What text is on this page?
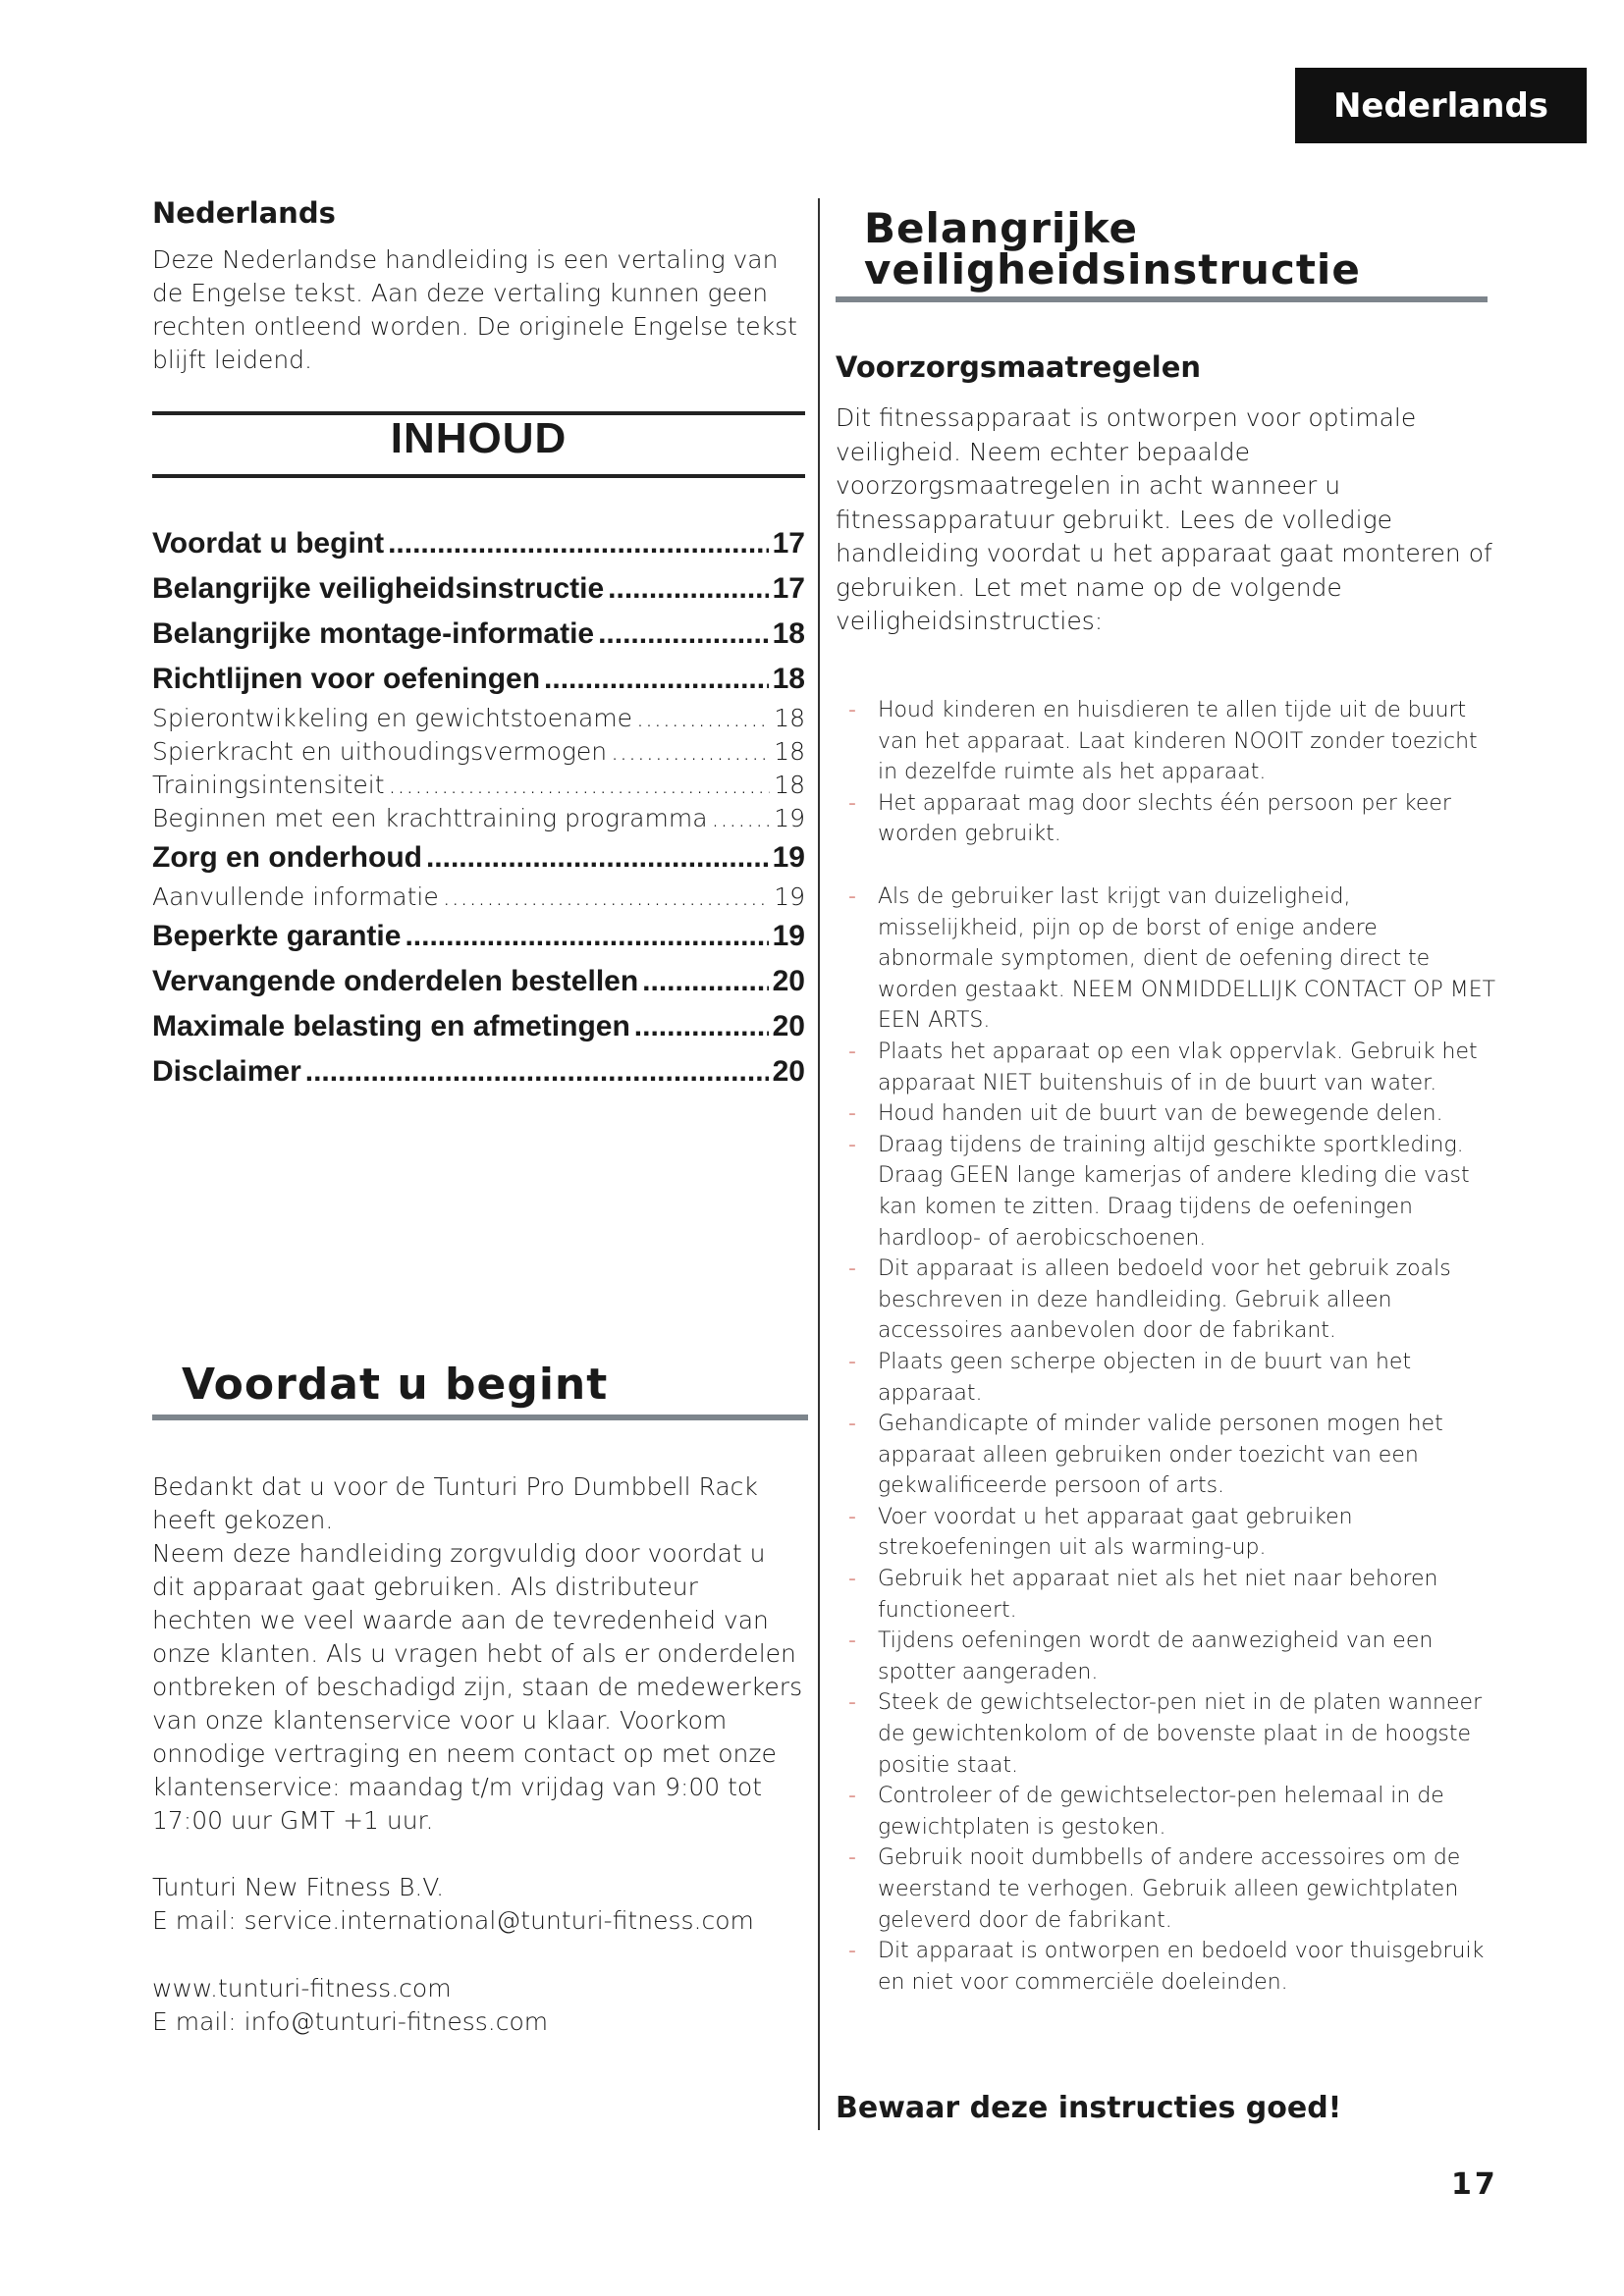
Nederlands
Nederlands
Deze Nederlandse handleiding is een vertaling van de Engelse tekst. Aan deze vertaling kunnen geen rechten ontleend worden. De originele Engelse tekst blijft leidend.
INHOUD
Voordat u begint .....	17
Belangrijke veiligheidsinstructie .....	17
Belangrijke montage-informatie .....	18
Richtlijnen voor oefeningen .....	18
Spierontwikkeling en gewichtstoename .....	18
Spierkracht en uithoudingsvermogen .....	18
Trainingsintensiteit .....	18
Beginnen met een krachttraining programma .....	19
Zorg en onderhoud .....	19
Aanvullende informatie .....	19
Beperkte garantie .....	19
Vervangende onderdelen bestellen .....	20
Maximale belasting en afmetingen .....	20
Disclaimer .....	20
Voordat u begint
Bedankt dat u voor de Tunturi Pro Dumbbell Rack heeft gekozen.
Neem deze handleiding zorgvuldig door voordat u dit apparaat gaat gebruiken. Als distributeur hechten we veel waarde aan de tevredenheid van onze klanten. Als u vragen hebt of als er onderdelen ontbreken of beschadigd zijn, staan de medewerkers van onze klantenservice voor u klaar. Voorkom onnodige vertraging en neem contact op met onze klantenservice: maandag t/m vrijdag van 9:00 tot 17:00 uur GMT +1 uur.
Tunturi New Fitness B.V.
E mail: service.international@tunturi-fitness.com
www.tunturi-fitness.com
E mail: info@tunturi-fitness.com
Belangrijke
veiligheidsinstructie
Voorzorgsmaatregelen
Dit fitnessapparaat is ontworpen voor optimale veiligheid. Neem echter bepaalde voorzorgsmaatregelen in acht wanneer u fitnessapparatuur gebruikt. Lees de volledige handleiding voordat u het apparaat gaat monteren of gebruiken. Let met name op de volgende veiligheidsinstructies:
- Houd kinderen en huisdieren te allen tijde uit de buurt van het apparaat. Laat kinderen NOOIT zonder toezicht in dezelfde ruimte als het apparaat.
- Het apparaat mag door slechts één persoon per keer worden gebruikt.
- Als de gebruiker last krijgt van duizeligheid, misselijkheid, pijn op de borst of enige andere abnormale symptomen, dient de oefening direct te worden gestaakt. NEEM ONMIDDELLIJK CONTACT OP MET EEN ARTS.
- Plaats het apparaat op een vlak oppervlak. Gebruik het apparaat NIET buitenshuis of in de buurt van water.
- Houd handen uit de buurt van de bewegende delen.
- Draag tijdens de training altijd geschikte sportkleding. Draag GEEN lange kamerjas of andere kleding die vast kan komen te zitten. Draag tijdens de oefeningen hardloop- of aerobicschoenen.
- Dit apparaat is alleen bedoeld voor het gebruik zoals beschreven in deze handleiding. Gebruik alleen accessoires aanbevolen door de fabrikant.
- Plaats geen scherpe objecten in de buurt van het apparaat.
- Gehandicapte of minder valide personen mogen het apparaat alleen gebruiken onder toezicht van een gekwalificeerde persoon of arts.
- Voer voordat u het apparaat gaat gebruiken strekoefeningen uit als warming-up.
- Gebruik het apparaat niet als het niet naar behoren functioneert.
- Tijdens oefeningen wordt de aanwezigheid van een spotter aangeraden.
- Steek de gewichtselector-pen niet in de platen wanneer de gewichtenkolom of de bovenste plaat in de hoogste positie staat.
- Controleer of de gewichtselector-pen helemaal in de gewichtplaten is gestoken.
- Gebruik nooit dumbbells of andere accessoires om de weerstand te verhogen. Gebruik alleen gewichtplaten geleverd door de fabrikant.
- Dit apparaat is ontworpen en bedoeld voor thuisgebruik en niet voor commerciële doeleinden.
Bewaar deze instructies goed!
17
